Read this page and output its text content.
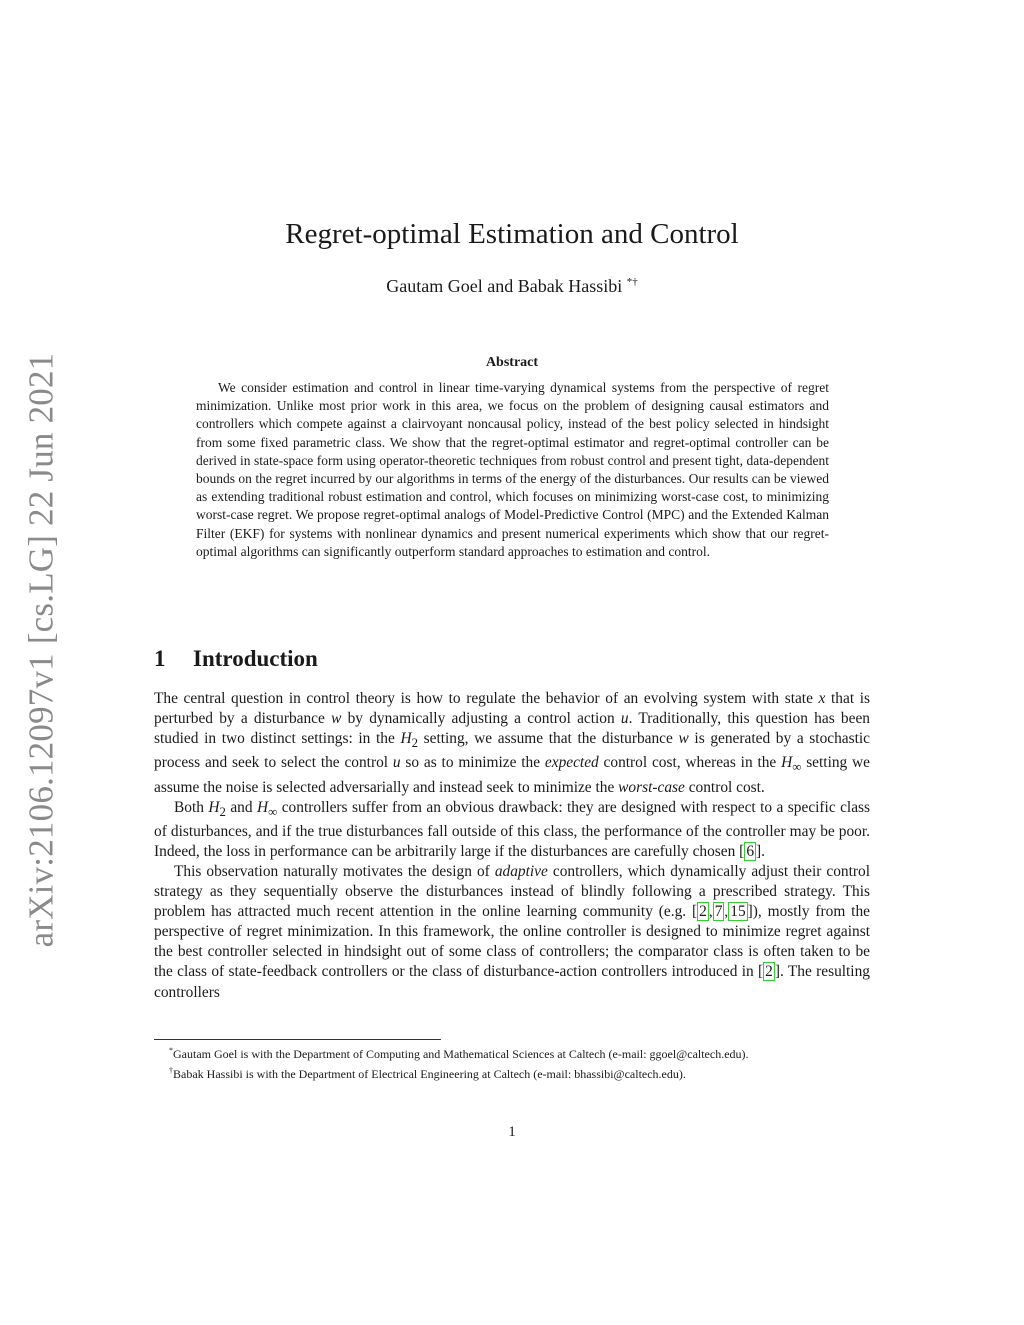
arXiv:2106.12097v1 [cs.LG] 22 Jun 2021
Regret-optimal Estimation and Control
Gautam Goel and Babak Hassibi *†
Abstract

We consider estimation and control in linear time-varying dynamical systems from the perspective of regret minimization. Unlike most prior work in this area, we focus on the problem of designing causal estimators and controllers which compete against a clairvoyant noncausal policy, instead of the best policy selected in hindsight from some fixed parametric class. We show that the regret-optimal estimator and regret-optimal controller can be derived in state-space form using operator-theoretic techniques from robust control and present tight, data-dependent bounds on the regret incurred by our algorithms in terms of the energy of the disturbances. Our results can be viewed as extending traditional robust estimation and control, which focuses on minimizing worst-case cost, to minimizing worst-case regret. We propose regret-optimal analogs of Model-Predictive Control (MPC) and the Extended Kalman Filter (EKF) for systems with nonlinear dynamics and present numerical experiments which show that our regret-optimal algorithms can significantly outperform standard approaches to estimation and control.

1 Introduction

The central question in control theory is how to regulate the behavior of an evolving system with state x that is perturbed by a disturbance w by dynamically adjusting a control action u. Traditionally, this question has been studied in two distinct settings: in the $H_2$ setting, we assume that the disturbance w is generated by a stochastic process and seek to select the control u so as to minimize the expected control cost, whereas in the $H_\infty$ setting we assume the noise is selected adversarially and instead seek to minimize the worst-case control cost.

Both $H_2$ and $H_\infty$ controllers suffer from an obvious drawback: they are designed with respect to a specific class of disturbances, and if the true disturbances fall outside of this class, the performance of the controller may be poor. Indeed, the loss in performance can be arbitrarily large if the disturbances are carefully chosen [ 6 ].

This observation naturally motivates the design of adaptive controllers, which dynamically adjust their control strategy as they sequentially observe the disturbances instead of blindly following a prescribed strategy. This problem has attracted much recent attention in the online learning community (e.g. [ 2 , 7 , 15 ]), mostly from the perspective of regret minimization. In this framework, the online controller is designed to minimize regret against the best controller selected in hindsight out of some class of controllers; the comparator class is often taken to be the class of state-feedback controllers or the class of disturbance-action controllers introduced in [ 2 ]. The resulting controllers

*Gautam Goel is with the Department of Computing and Mathematical Sciences at Caltech (e-mail: ggoel@caltech.edu).

†Babak Hassibi is with the Department of Electrical Engineering at Caltech (e-mail: bhassibi@caltech.edu).

1
